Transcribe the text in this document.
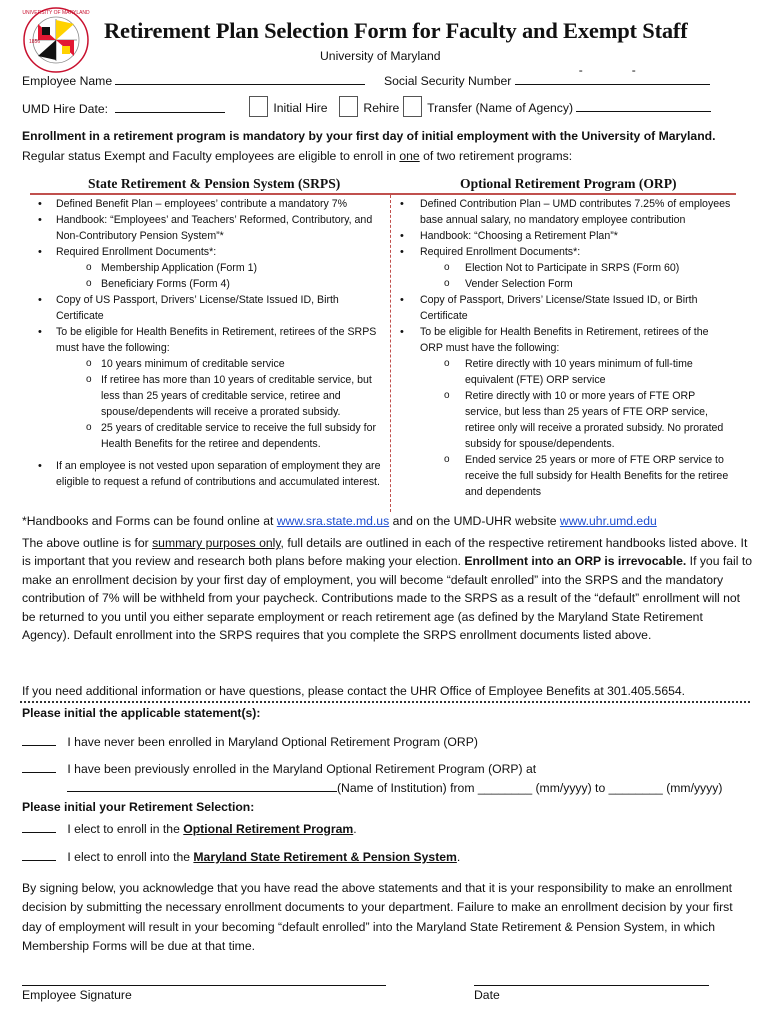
UNIVERSITY OF MARYLAND
1856	Retirement Plan Selection Form for Faculty and Exempt Staff
University of Maryland
Employee Name	Social Security Number
-	-
UMD Hire Date:	Initial Hire	Rehire	Transfer (Name of Agency)
Enrollment in a retirement program is mandatory by your first day of initial employment with the University of Maryland.
Regular status Exempt and Faculty employees are eligible to enroll in one of two retirement programs:
State Retirement & Pension System (SRPS)	Optional Retirement Program (ORP)
• Defined Benefit Plan – employees’ contribute a mandatory 7%
• Handbook: “Employees’ and Teachers’ Reformed, Contributory, and Non-Contributory Pension System”*
• Required Enrollment Documents*:
o Membership Application (Form 1)
o Beneficiary Forms (Form 4)
• Copy of US Passport, Drivers’ License/State Issued ID, Birth Certificate
• To be eligible for Health Benefits in Retirement, retirees of the SRPS must have the following:
o 10 years minimum of creditable service
o If retiree has more than 10 years of creditable service, but less than 25 years of creditable service, retiree and spouse/dependents will receive a prorated subsidy.
o 25 years of creditable service to receive the full subsidy for Health Benefits for the retiree and dependents.
• If an employee is not vested upon separation of employment they are eligible to request a refund of contributions and accumulated interest.
• Defined Contribution Plan – UMD contributes 7.25% of employees base annual salary, no mandatory employee contribution
• Handbook: “Choosing a Retirement Plan”*
• Required Enrollment Documents*:
o Election Not to Participate in SRPS (Form 60)
o Vender Selection Form
• Copy of Passport, Drivers’ License/State Issued ID, or Birth Certificate
• To be eligible for Health Benefits in Retirement, retirees of the ORP must have the following:
o Retire directly with 10 years minimum of full-time equivalent (FTE) ORP service
o Retire directly with 10 or more years of FTE ORP service, but less than 25 years of FTE ORP service, retiree only will receive a prorated subsidy. No prorated subsidy for spouse/dependents.
o Ended service 25 years or more of FTE ORP service to receive the full subsidy for Health Benefits for the retiree and dependents
*Handbooks and Forms can be found online at www.sra.state.md.us and on the UMD-UHR website www.uhr.umd.edu
The above outline is for summary purposes only, full details are outlined in each of the respective retirement handbooks listed above. It is important that you review and research both plans before making your election. Enrollment into an ORP is irrevocable. If you fail to make an enrollment decision by your first day of employment, you will become “default enrolled” into the SRPS and the mandatory contribution of 7% will be withheld from your paycheck. Contributions made to the SRPS as a result of the “default” enrollment will not be returned to you until you either separate employment or reach retirement age (as defined by the Maryland State Retirement Agency). Default enrollment into the SRPS requires that you complete the SRPS enrollment documents listed above.
If you need additional information or have questions, please contact the UHR Office of Employee Benefits at 301.405.5654.
Please initial the applicable statement(s):
I have never been enrolled in Maryland Optional Retirement Program (ORP)
I have been previously enrolled in the Maryland Optional Retirement Program (ORP) at
(Name of Institution) from ________ (mm/yyyy) to ________ (mm/yyyy)
Please initial your Retirement Selection:
I elect to enroll in the Optional Retirement Program.
I elect to enroll into the Maryland State Retirement & Pension System.
By signing below, you acknowledge that you have read the above statements and that it is your responsibility to make an enrollment decision by submitting the necessary enrollment documents to your department. Failure to make an enrollment decision by your first day of employment will result in your becoming “default enrolled” into the Maryland State Retirement & Pension System, in which Membership Forms will be due at that time.
Employee Signature	Date
